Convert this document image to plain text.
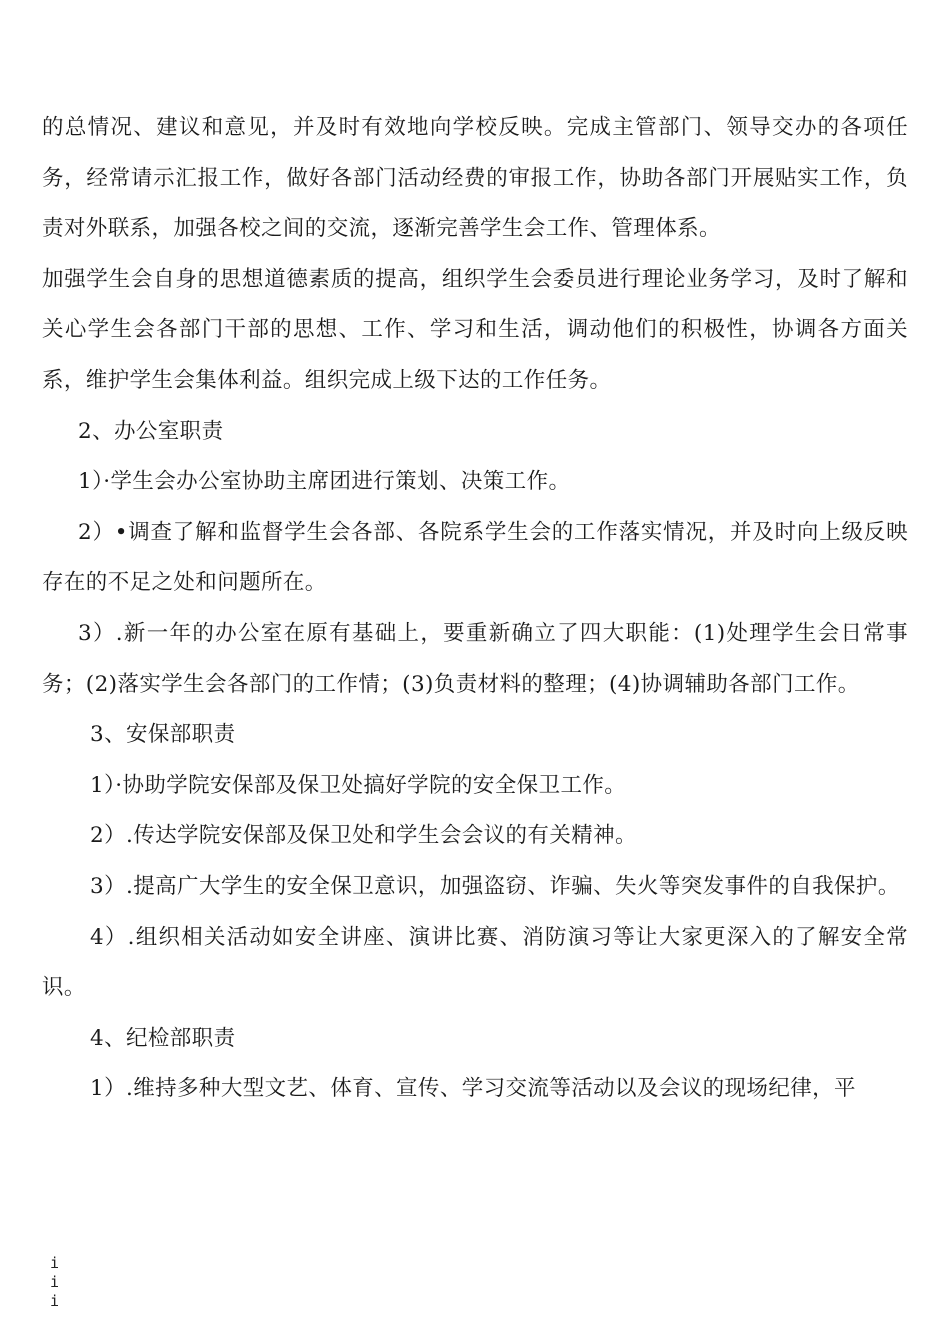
的总情况、建议和意见，并及时有效地向学校反映。完成主管部门、领导交办的各项任务，经常请示汇报工作，做好各部门活动经费的审报工作，协助各部门开展贴实工作，负责对外联系，加强各校之间的交流，逐渐完善学生会工作、管理体系。

加强学生会自身的思想道德素质的提高，组织学生会委员进行理论业务学习，及时了解和关心学生会各部门干部的思想、工作、学习和生活，调动他们的积极性，协调各方面关系，维护学生会集体利益。组织完成上级下达的工作任务。

2、办公室职责

1）·学生会办公室协助主席团进行策划、决策工作。

2）•调查了解和监督学生会各部、各院系学生会的工作落实情况，并及时向上级反映存在的不足之处和问题所在。

3）.新一年的办公室在原有基础上，要重新确立了四大职能：(1)处理学生会日常事务；(2)落实学生会各部门的工作情；(3)负责材料的整理；(4)协调辅助各部门工作。

3、安保部职责

1）·协助学院安保部及保卫处搞好学院的安全保卫工作。

2）.传达学院安保部及保卫处和学生会会议的有关精神。

3）.提高广大学生的安全保卫意识，加强盗窃、诈骗、失火等突发事件的自我保护。

4）.组织相关活动如安全讲座、演讲比赛、消防演习等让大家更深入的了解安全常识。

4、纪检部职责

1）.维持多种大型文艺、体育、宣传、学习交流等活动以及会议的现场纪律，平

i
i
i
